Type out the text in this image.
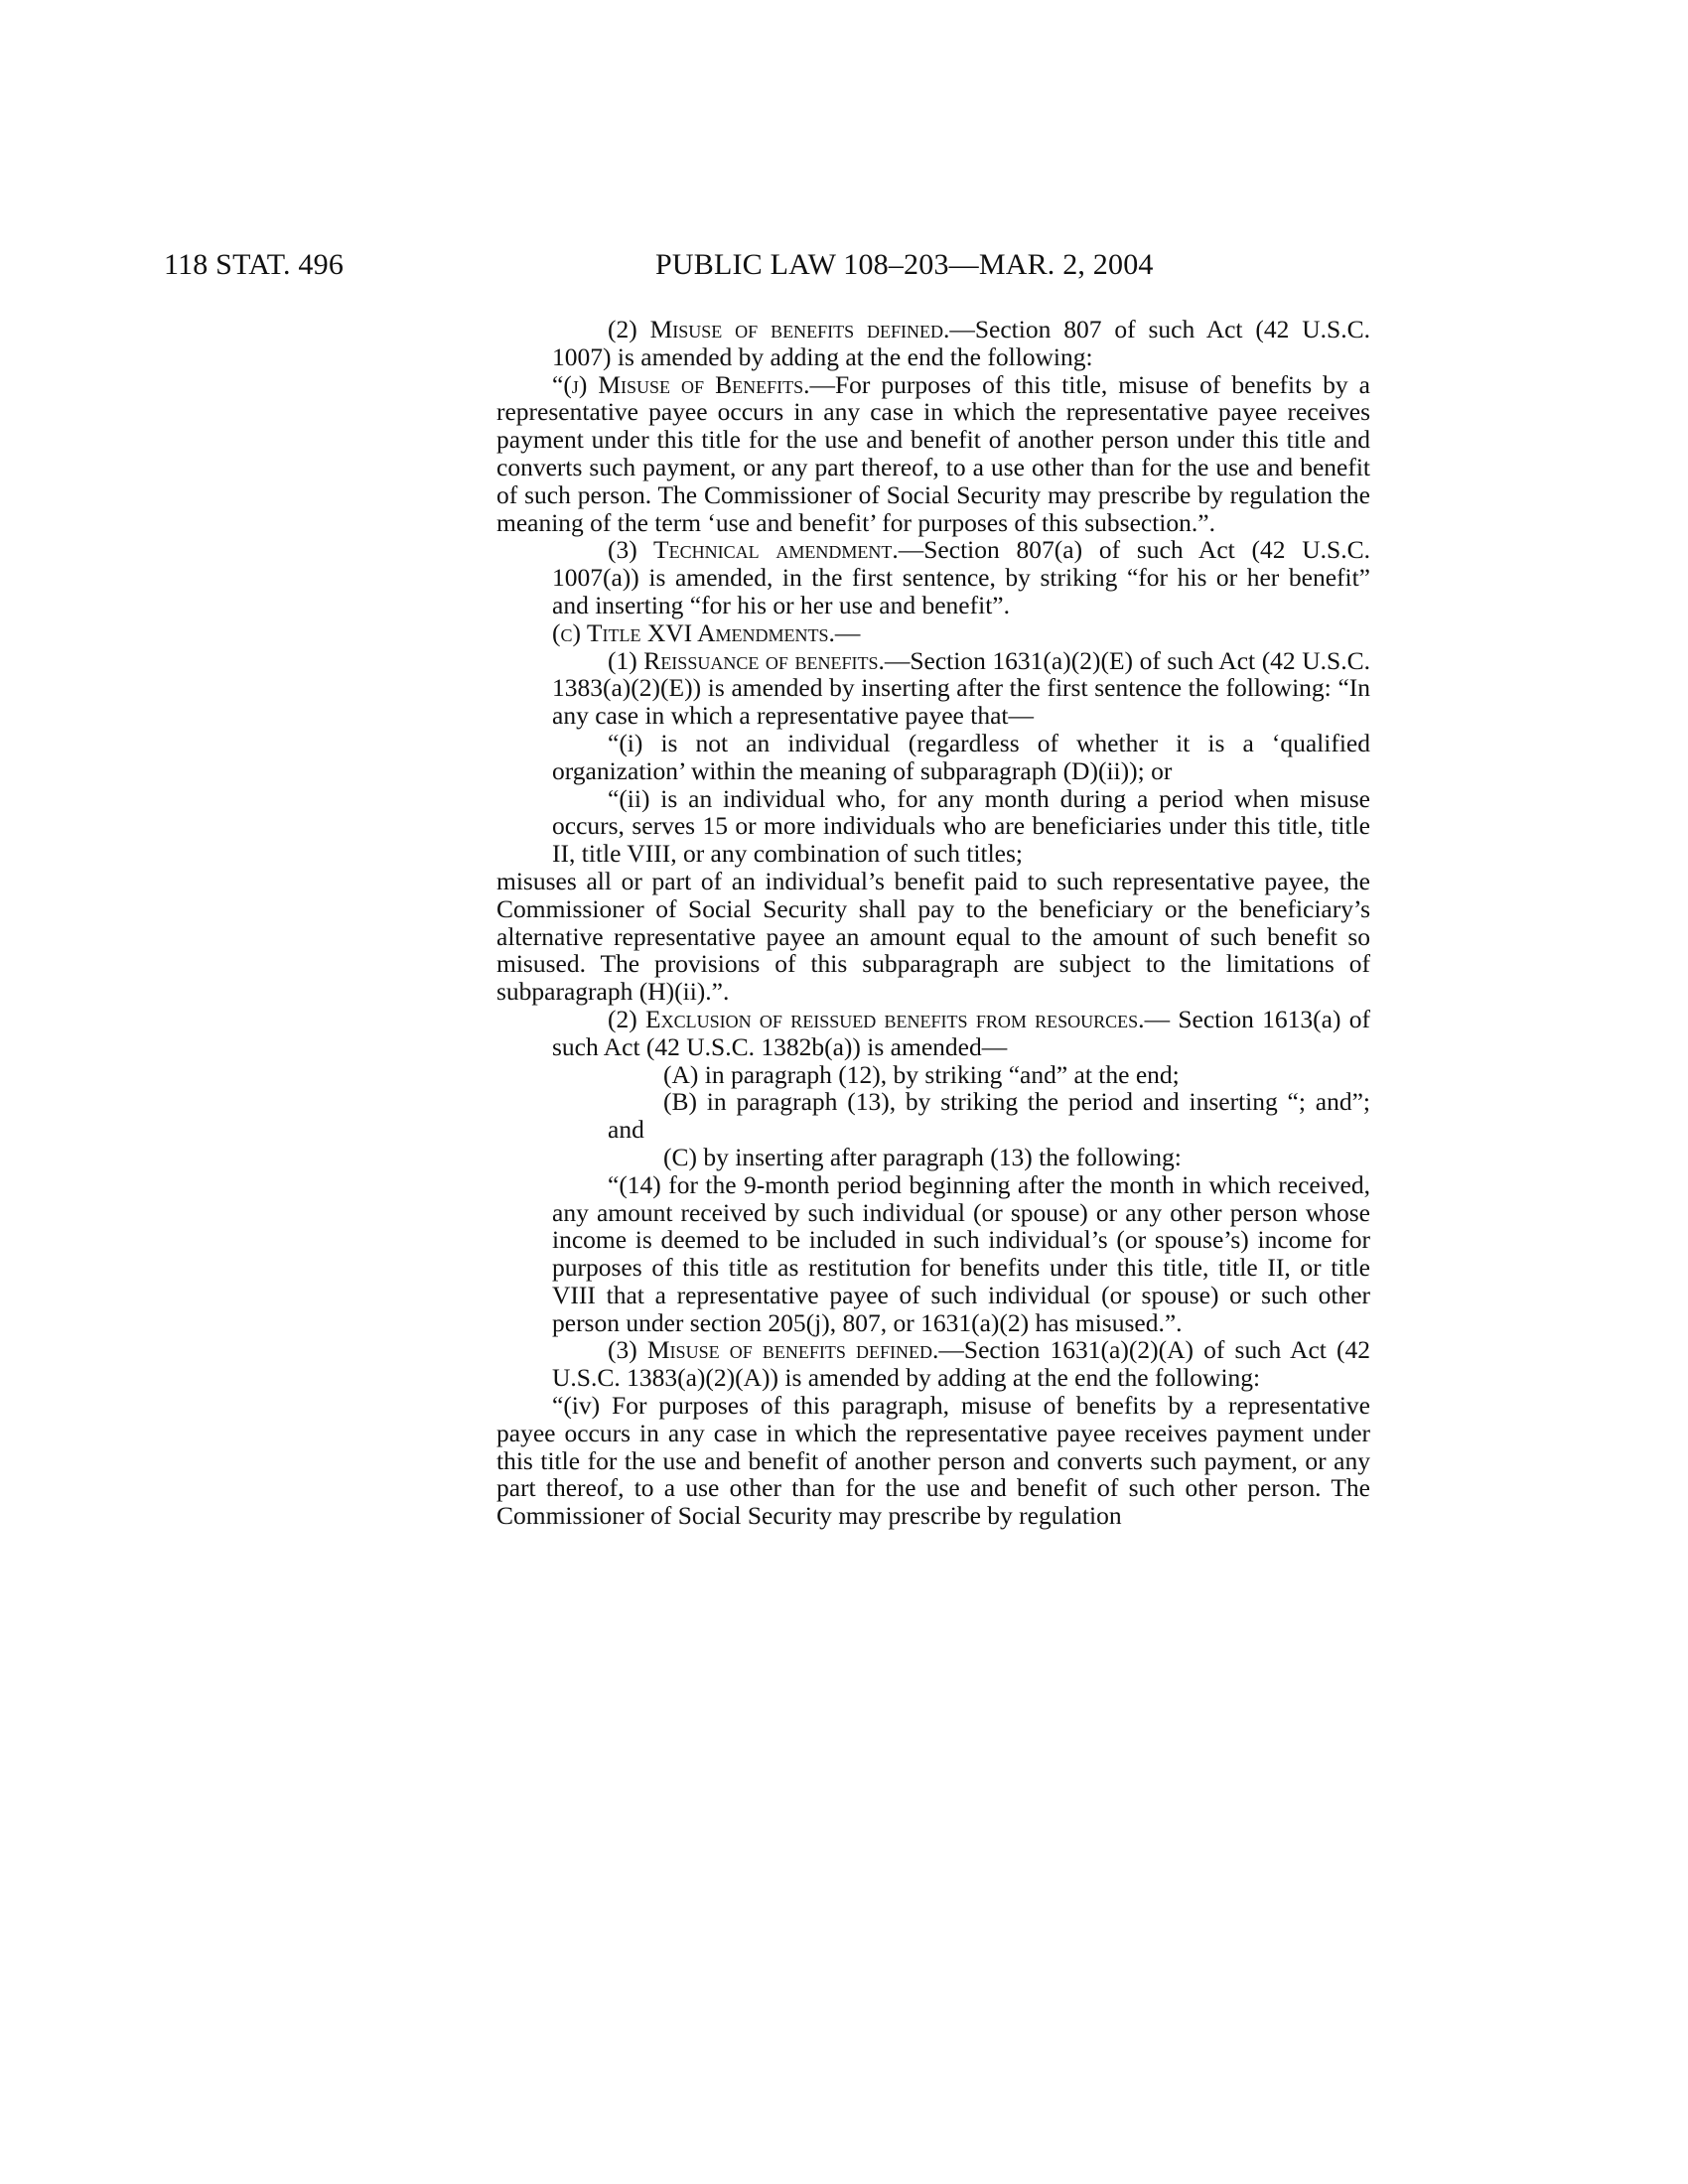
118 STAT. 496	PUBLIC LAW 108–203—MAR. 2, 2004

(2) Misuse of benefits defined.—Section 807 of such Act (42 U.S.C. 1007) is amended by adding at the end the following:

“(j) Misuse of Benefits.—For purposes of this title, misuse of benefits by a representative payee occurs in any case in which the representative payee receives payment under this title for the use and benefit of another person under this title and converts such payment, or any part thereof, to a use other than for the use and benefit of such person. The Commissioner of Social Security may prescribe by regulation the meaning of the term ‘use and benefit’ for purposes of this subsection.”.

(3) Technical amendment.—Section 807(a) of such Act (42 U.S.C. 1007(a)) is amended, in the first sentence, by striking “for his or her benefit” and inserting “for his or her use and benefit”.

(c) Title XVI Amendments.—

(1) Reissuance of benefits.—Section 1631(a)(2)(E) of such Act (42 U.S.C. 1383(a)(2)(E)) is amended by inserting after the first sentence the following: “In any case in which a representative payee that—

“(i) is not an individual (regardless of whether it is a ‘qualified organization’ within the meaning of subparagraph (D)(ii)); or

“(ii) is an individual who, for any month during a period when misuse occurs, serves 15 or more individuals who are beneficiaries under this title, title II, title VIII, or any combination of such titles;

misuses all or part of an individual’s benefit paid to such representative payee, the Commissioner of Social Security shall pay to the beneficiary or the beneficiary’s alternative representative payee an amount equal to the amount of such benefit so misused. The provisions of this subparagraph are subject to the limitations of subparagraph (H)(ii).”.

(2) Exclusion of reissued benefits from resources.— Section 1613(a) of such Act (42 U.S.C. 1382b(a)) is amended—

(A) in paragraph (12), by striking “and” at the end;

(B) in paragraph (13), by striking the period and inserting “; and”; and

(C) by inserting after paragraph (13) the following:

“(14) for the 9-month period beginning after the month in which received, any amount received by such individual (or spouse) or any other person whose income is deemed to be included in such individual’s (or spouse’s) income for purposes of this title as restitution for benefits under this title, title II, or title VIII that a representative payee of such individual (or spouse) or such other person under section 205(j), 807, or 1631(a)(2) has misused.”.

(3) Misuse of benefits defined.—Section 1631(a)(2)(A) of such Act (42 U.S.C. 1383(a)(2)(A)) is amended by adding at the end the following:

“(iv) For purposes of this paragraph, misuse of benefits by a representative payee occurs in any case in which the representative payee receives payment under this title for the use and benefit of another person and converts such payment, or any part thereof, to a use other than for the use and benefit of such other person. The Commissioner of Social Security may prescribe by regulation
